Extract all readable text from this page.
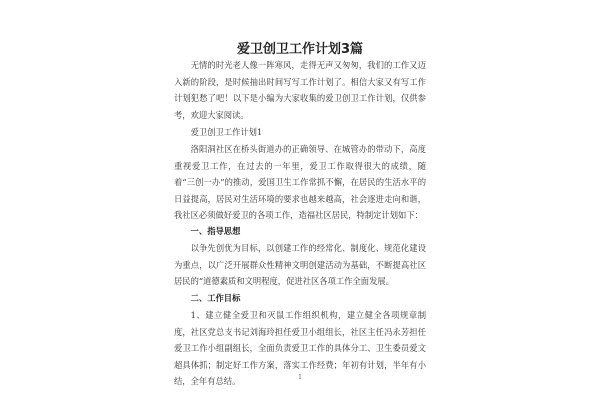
爱卫创卫工作计划3篇

无情的时光老人像一阵寒风，走得无声又匆匆，我们的工作又迈入新的阶段，是时候抽出时间写写工作计划了。相信大家又有写工作计划犯愁了吧！以下是小编为大家收集的爱卫创卫工作计划，仅供参考，欢迎大家阅读。

爱卫创卫工作计划1

洛阳洞社区在桥头街道办的正确领导、在城管办的带动下，高度重视爱卫工作，在过去的一年里，爱卫工作取得很大的成绩，随着“三创一办”的推动，爱国卫生工作常抓不懈，在居民的生活水平的日益提高，居民对生活环境的要求也越来越高，社会逐进走向和谐，我社区必须做好爱卫的各项工作，造福社区居民，特制定计划如下：

一、指导思想

以争先创优为目标，以创建工作的经常化、制度化、规范化建设为重点，以广泛开展群众性精神文明创建活动为基础，不断提高社区居民的“道德素质和文明程度，促进社区各项工作全面发展。

二、工作目标

1、建立健全爱卫和灭鼠工作组织机构，建立健全各项规章制度，社区党总支书记刘海玲担任爱卫小组组长，社区主任冯永芳担任爱卫工作小组副组长，全面负责爱卫工作的具体分工、卫生委员爱文超具体抓；制定好工作方案，落实工作经费；年初有计划，半年有小结，全年有总结。	1
